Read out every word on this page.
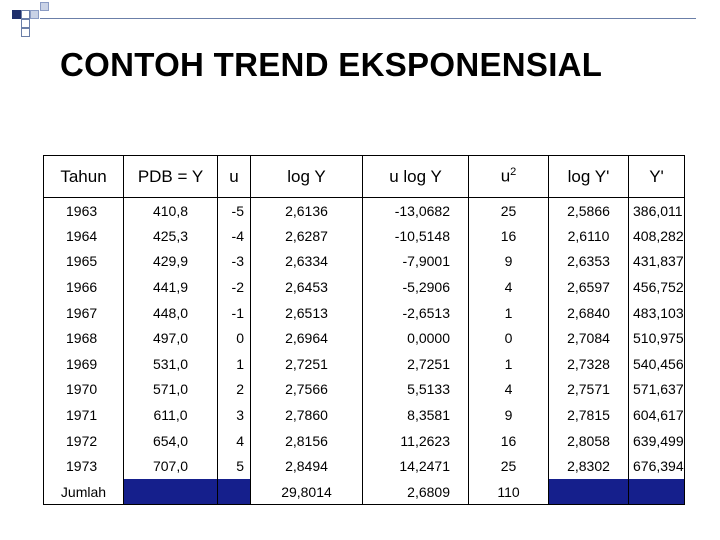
CONTOH TREND EKSPONENSIAL
Tahun	PDB = Y	u	log Y	u log Y	$u^2$	log Y'	Y'
1963	410,8	-5	2,6136	-13,0682	25	2,5866	386,011
1964	425,3	-4	2,6287	-10,5148	16	2,6110	408,282
1965	429,9	-3	2,6334	-7,9001	9	2,6353	431,837
1966	441,9	-2	2,6453	-5,2906	4	2,6597	456,752
1967	448,0	-1	2,6513	-2,6513	1	2,6840	483,103
1968	497,0	0	2,6964	0,0000	0	2,7084	510,975
1969	531,0	1	2,7251	2,7251	1	2,7328	540,456
1970	571,0	2	2,7566	5,5133	4	2,7571	571,637
1971	611,0	3	2,7860	8,3581	9	2,7815	604,617
1972	654,0	4	2,8156	11,2623	16	2,8058	639,499
1973	707,0	5	2,8494	14,2471	25	2,8302	676,394
Jumlah			29,8014	2,6809	110		
